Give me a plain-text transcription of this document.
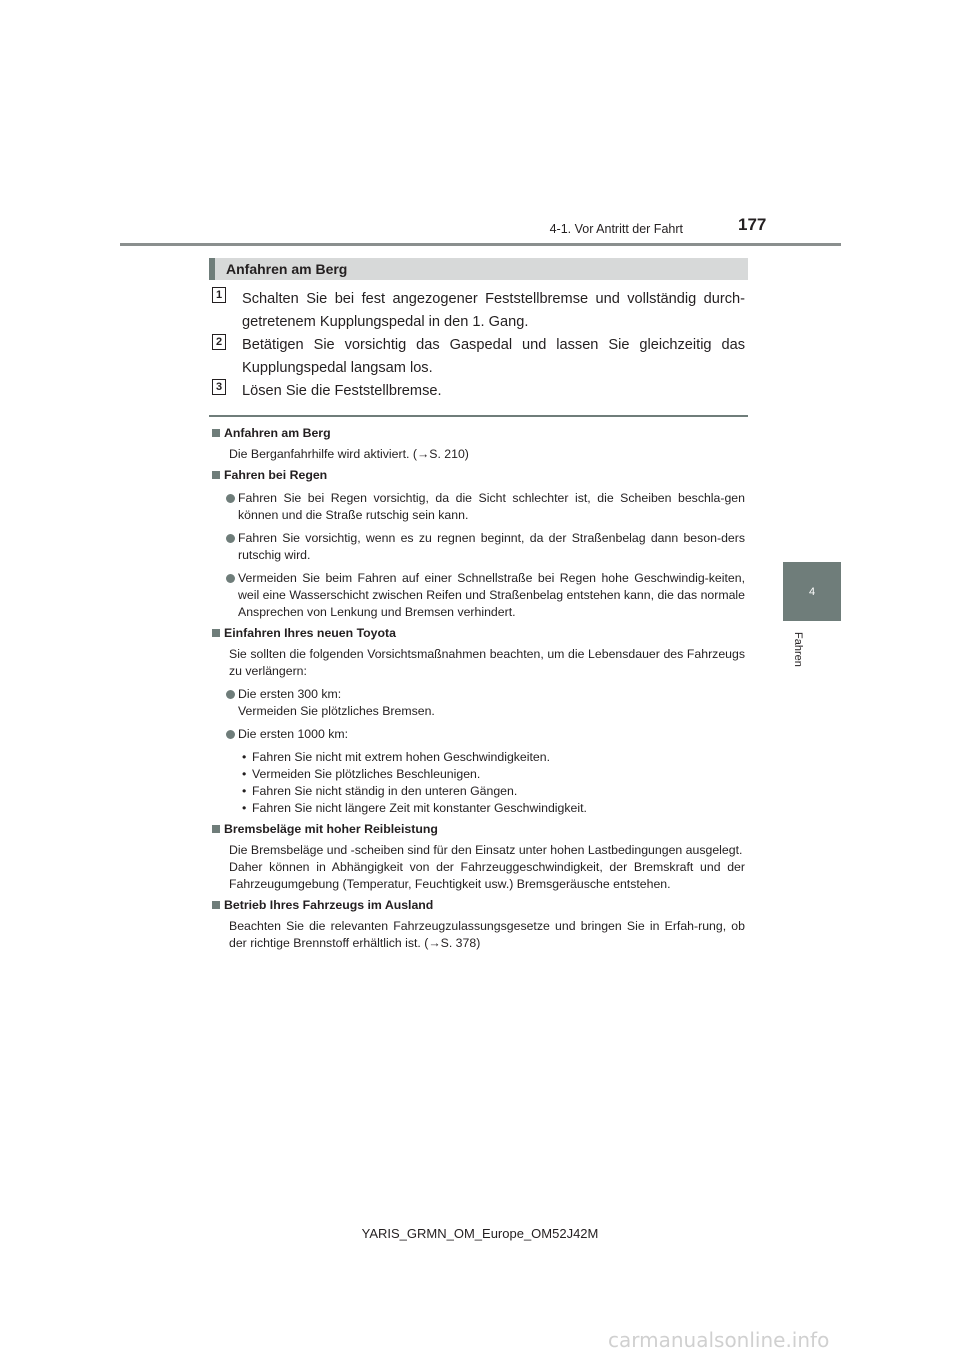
4-1. Vor Antritt der Fahrt	177
4
Fahren
Anfahren am Berg
1 Schalten Sie bei fest angezogener Feststellbremse und vollständig durch-getretenem Kupplungspedal in den 1. Gang.
2 Betätigen Sie vorsichtig das Gaspedal und lassen Sie gleichzeitig das Kupplungspedal langsam los.
3 Lösen Sie die Feststellbremse.

Anfahren am Berg

Die Berganfahrhilfe wird aktiviert. (→S. 210)

Fahren bei Regen

Fahren Sie bei Regen vorsichtig, da die Sicht schlechter ist, die Scheiben beschla-gen können und die Straße rutschig sein kann.

Fahren Sie vorsichtig, wenn es zu regnen beginnt, da der Straßenbelag dann beson-ders rutschig wird.

Vermeiden Sie beim Fahren auf einer Schnellstraße bei Regen hohe Geschwindig-keiten, weil eine Wasserschicht zwischen Reifen und Straßenbelag entstehen kann, die das normale Ansprechen von Lenkung und Bremsen verhindert.

Einfahren Ihres neuen Toyota

Sie sollten die folgenden Vorsichtsmaßnahmen beachten, um die Lebensdauer des Fahrzeugs zu verlängern:

Die ersten 300 km:
Vermeiden Sie plötzliches Bremsen.

Die ersten 1000 km:

• Fahren Sie nicht mit extrem hohen Geschwindigkeiten.
• Vermeiden Sie plötzliches Beschleunigen.
• Fahren Sie nicht ständig in den unteren Gängen.
• Fahren Sie nicht längere Zeit mit konstanter Geschwindigkeit.

Bremsbeläge mit hoher Reibleistung

Die Bremsbeläge und -scheiben sind für den Einsatz unter hohen Lastbedingungen ausgelegt.

Daher können in Abhängigkeit von der Fahrzeuggeschwindigkeit, der Bremskraft und der Fahrzeugumgebung (Temperatur, Feuchtigkeit usw.) Bremsgeräusche entstehen.

Betrieb Ihres Fahrzeugs im Ausland

Beachten Sie die relevanten Fahrzeugzulassungsgesetze und bringen Sie in Erfah-rung, ob der richtige Brennstoff erhältlich ist. (→S. 378)

YARIS_GRMN_OM_Europe_OM52J42M
carmanualsonline.info
